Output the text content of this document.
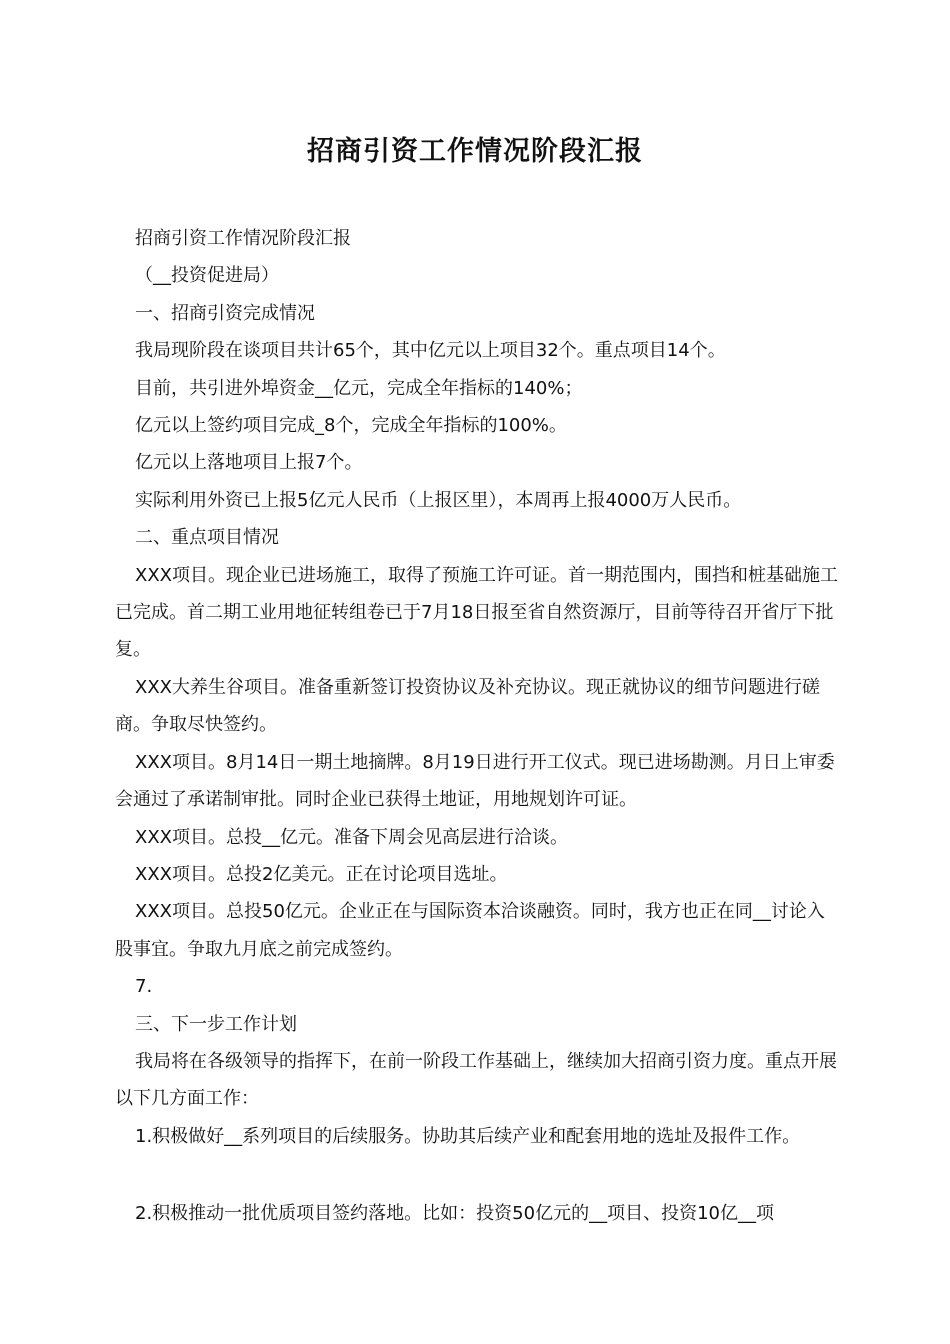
招商引资工作情况阶段汇报

招商引资工作情况阶段汇报

（__投资促进局）

一、招商引资完成情况

我局现阶段在谈项目共计65个，其中亿元以上项目32个。重点项目14个。

目前，共引进外埠资金__亿元，完成全年指标的140%；

亿元以上签约项目完成_8个，完成全年指标的100%。

亿元以上落地项目上报7个。

实际利用外资已上报5亿元人民币（上报区里），本周再上报4000万人民币。

二、重点项目情况

XXX项目。现企业已进场施工，取得了预施工许可证。首一期范围内，围挡和桩基础施工已完成。首二期工业用地征转组卷已于7月18日报至省自然资源厅，目前等待召开省厅下批复。

XXX大养生谷项目。准备重新签订投资协议及补充协议。现正就协议的细节问题进行磋商。争取尽快签约。

XXX项目。8月14日一期土地摘牌。8月19日进行开工仪式。现已进场勘测。月日上审委会通过了承诺制审批。同时企业已获得土地证，用地规划许可证。

XXX项目。总投__亿元。准备下周会见高层进行洽谈。

XXX项目。总投2亿美元。正在讨论项目选址。

XXX项目。总投50亿元。企业正在与国际资本洽谈融资。同时，我方也正在同__讨论入股事宜。争取九月底之前完成签约。

7.

三、下一步工作计划

我局将在各级领导的指挥下，在前一阶段工作基础上，继续加大招商引资力度。重点开展以下几方面工作：

1.积极做好__系列项目的后续服务。协助其后续产业和配套用地的选址及报件工作。

2.积极推动一批优质项目签约落地。比如：投资50亿元的__项目、投资10亿__项
